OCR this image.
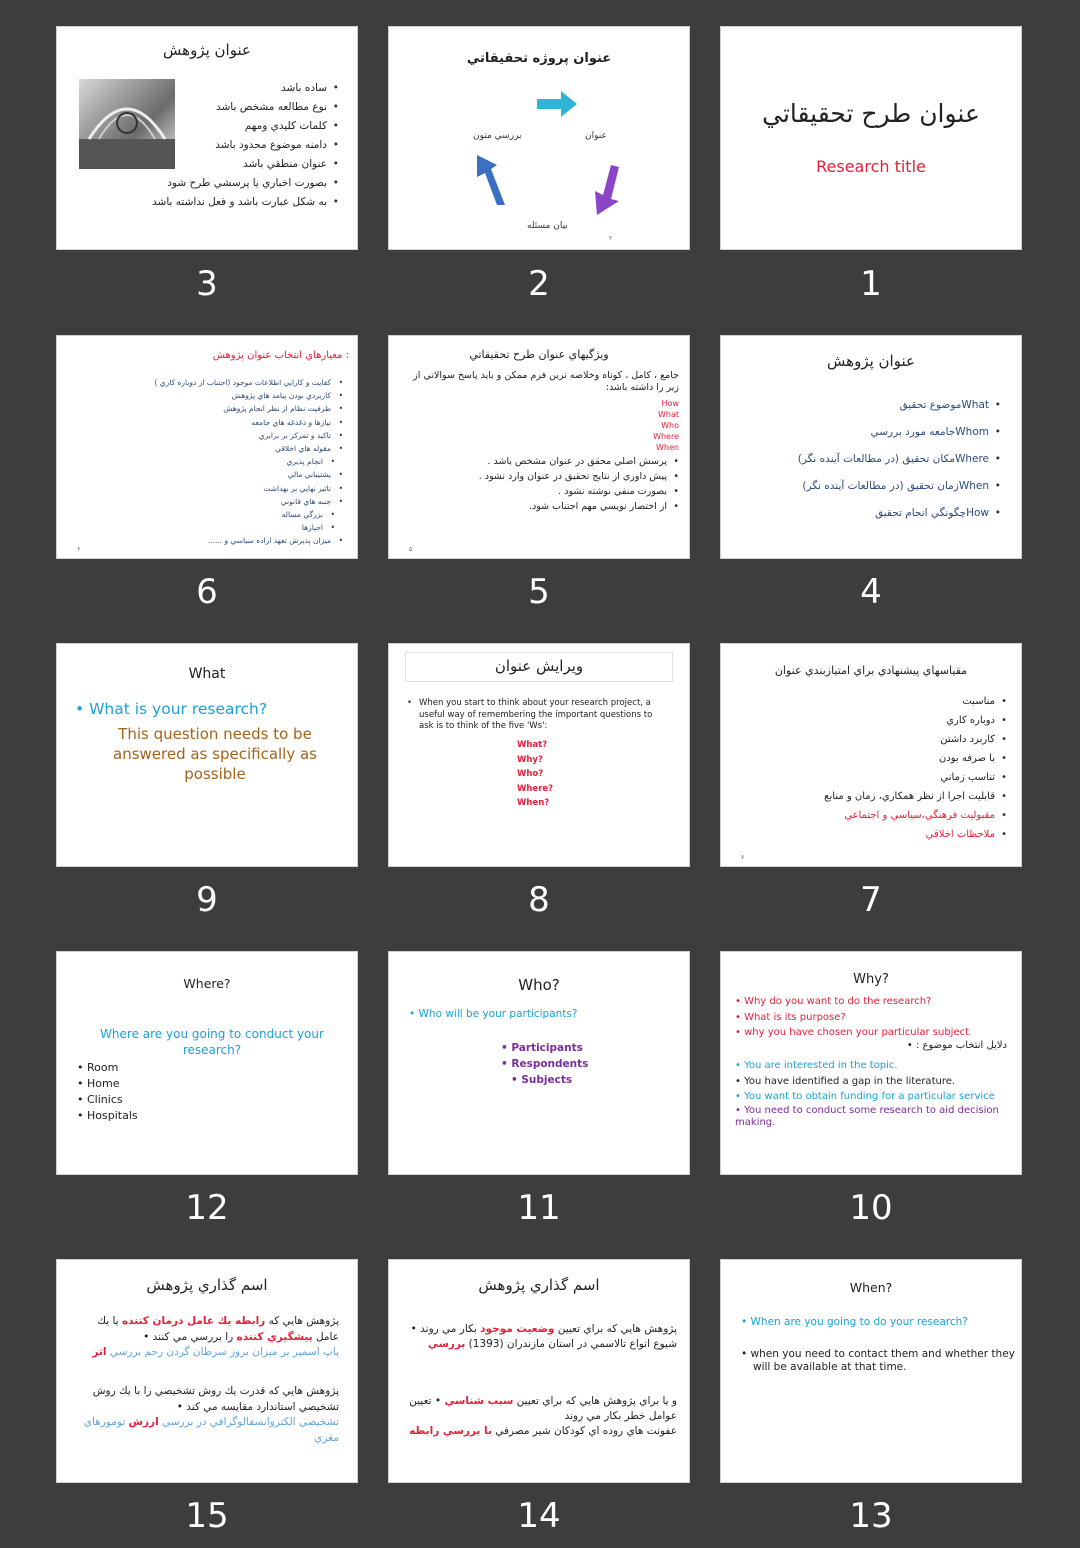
عنوان طرح تحقيقاتي
Research title
1
عنوان پروژه تحقيقاتي
عنوان
بيان مسئله
بررسي متون
۲
2
عنوان پژوهش
• ساده باشد
• نوع مطالعه مشخص باشد
• كلمات كليدي ومهم
• دامنه موضوع محدود باشد
• عنوان منطقي باشد
• بصورت اخباري يا پرسشي طرح شود
• به شكل عبارت باشد و فعل نداشته باشد
3
عنوان پژوهش
• Whatموضوع تحقيق
• Whomجامعه مورد بررسي
• Whereمكان تحقيق (در مطالعات آينده نگر)
• Whenزمان تحقيق (در مطالعات آينده نگر)
• Howچگونگي انجام تحقيق
4
ويژگيهاي عنوان طرح تحقيقاتي
جامع ، كامل ، كوتاه وخلاصه ترين فرم ممكن و بايد پاسخ سوالاتي از زير را داشته باشد:
How
What
Who
Where
When
• پرسش اصلي محقق در عنوان مشخص باشد .
• پيش داوري از نتايج تحقيق در عنوان وارد نشود .
• بصورت منفي نوشته نشود .
• از اختصار نويسي مهم اجتناب شود.
۵
5
: معيارهاي انتخاب عنوان پژوهش
• كفايت و كارايي اطلاعات موجود (اجتناب از دوباره كاري )
• كاربردي بودن پيامد هاي پژوهش
• ظرفيت نظام از نظر انجام پژوهش
• نيازها و دغدغه هاي جامعه
• تاكيد و تمركز بر برابري
• مقوله هاي اخلاقي
• انجام پذيري
• پشتيباني مالي
• تاثير نهايي بر بهداشت
• جنبه هاي قانوني
• بزرگي مساله
• اجبارها
• ميزان پذيرش تعهد اراده سياسي و ......
۶
6
مقياسهاي پيشنهادي براي امتيازبندي عنوان
• مناسبت
• دوباره كاري
• كاربرد داشتن
• با صرفه بودن
• تناسب زماني
• قابليت اجرا از نظر همكاري، زمان و منابع
• مقبوليت فرهنگي،سياسي و اجتماعي
• ملاحظات اخلاقي
۷
7
ويرايش عنوان
• When you start to think about your research project, a useful way of remembering the important questions to ask is to think of the five 'Ws':
What?
Why?
Who?
Where?
When?
8
What
• What is your research?
This question needs to be answered as specifically as possible
9
Why?
• Why do you want to do the research?
• What is its purpose?
• why you have chosen your particular subject
دلايل انتخاب موضوع : •
• You are interested in the topic.
• You have identified a gap in the literature.
• You want to obtain funding for a particular service
• You need to conduct some research to aid decision making.
10
Who?
• Who will be your participants?
• Participants
• Respondents
• Subjects
11
Where?
Where are you going to conduct your research?
• Room
• Home
• Clinics
• Hospitals
12
When?
• When are you going to do your research?
• when you need to contact them and whether they will be available at that time.
13
اسم گذاري پژوهش
پژوهش هايي كه براي تعيين وضعيت موجود بكار مي روند •
شيوع انواع تالاسمي در استان مازندران (1393) بررسي
و يا براي پژوهش هايي كه براي تعيين سبب شناسي • تعيين عوامل خطر بكار مي روند
عفونت هاي روده اي كودكان شير مصرفي با بررسي رابطه
14
اسم گذاري پژوهش
پژوهش هايي كه رابطه يك عامل درمان كننده يا يك عامل پيشگيري كننده را بررسي مي كنند •
پاپ اسمير بر ميزان بروز سرطان گردن رحم بررسي اثر
پژوهش هايي كه قدرت يك روش تشخيصي را با يك روش تشخيصي استاندارد مقايسه مي كند •
تشخيصي الكتروانسفالوگرافي در بررسي ارزش تومورهاي مغزي
15
